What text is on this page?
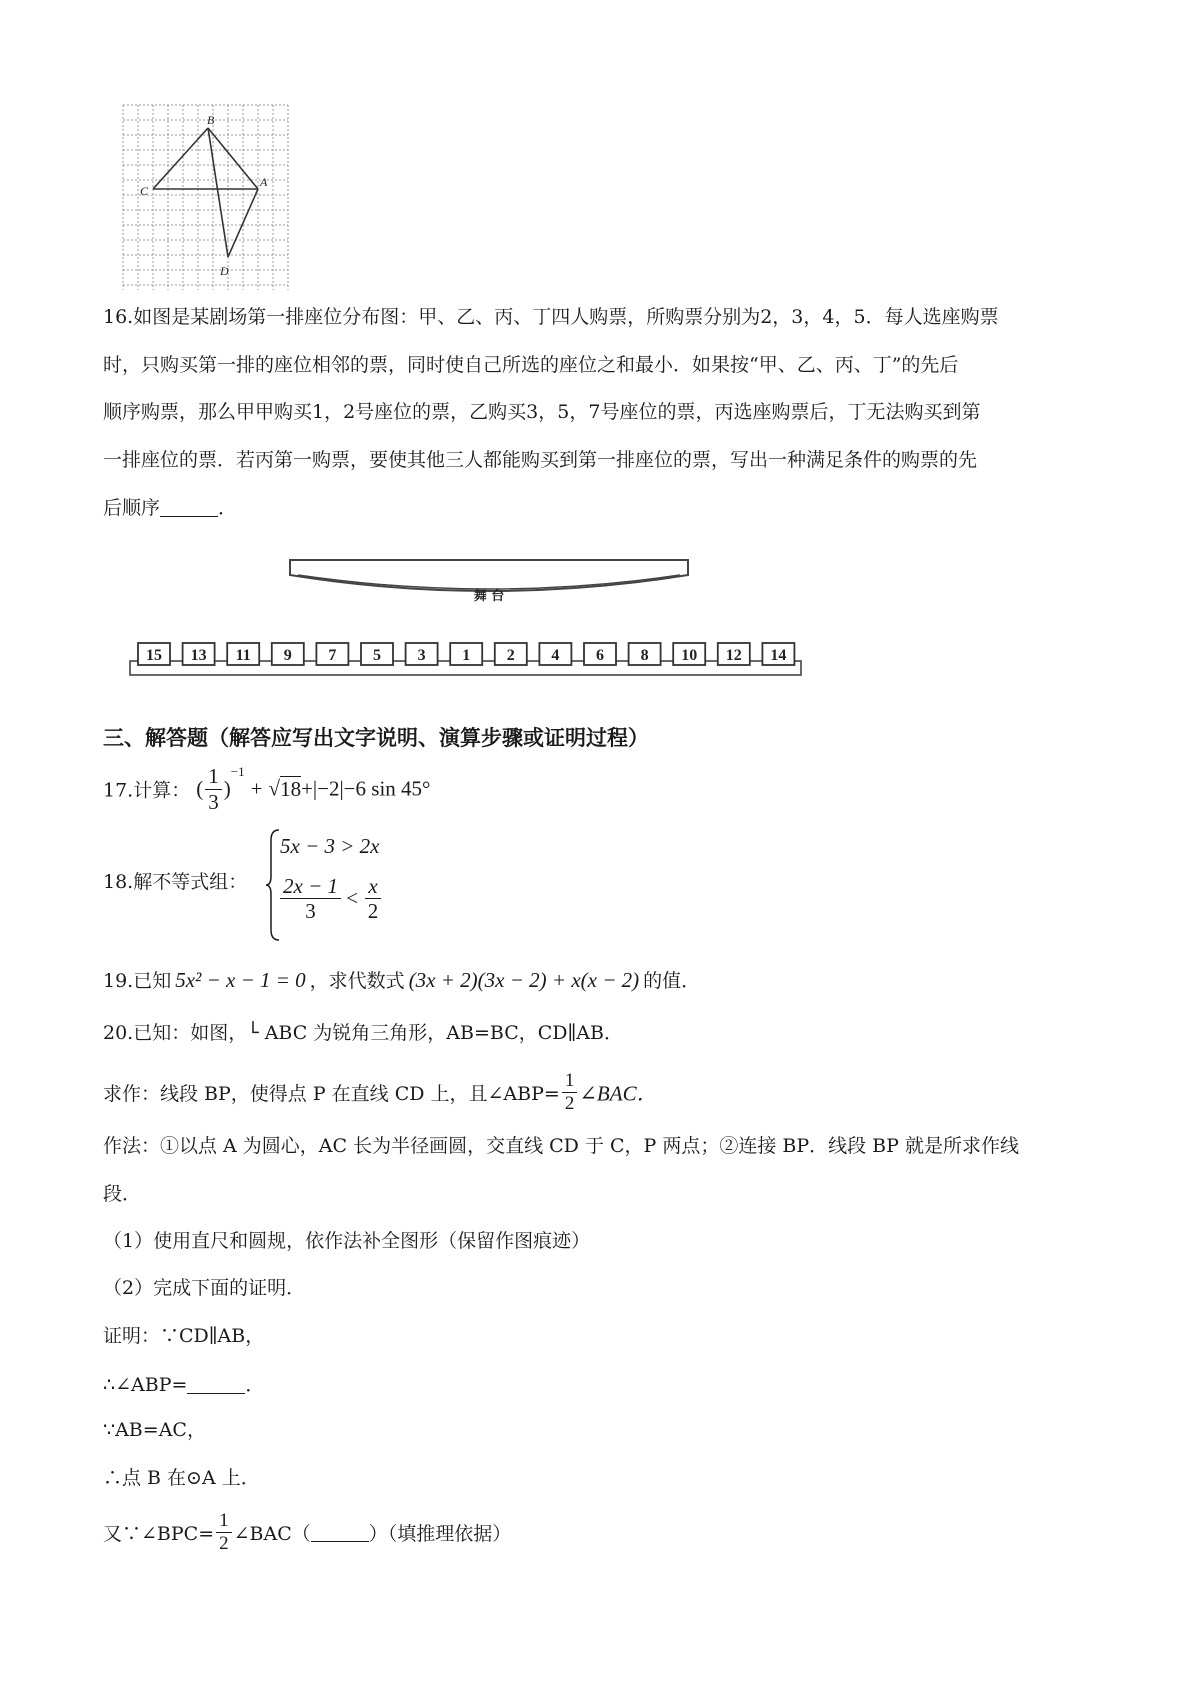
B
A
C
D
16.如图是某剧场第一排座位分布图：甲、乙、丙、丁四人购票，所购票分别为2，3，4，5．每人选座购票
时，只购买第一排的座位相邻的票，同时使自己所选的座位之和最小．如果按“甲、乙、丙、丁”的先后
顺序购票，那么甲甲购买1，2号座位的票，乙购买3，5，7号座位的票，丙选座购票后，丁无法购买到第
一排座位的票．若丙第一购票，要使其他三人都能购买到第一排座位的票，写出一种满足条件的购票的先
后顺序	．
舞 台
15 13 11 9 7 5 3 1 2 4 6 8 10 12 14
三、解答题（解答应写出文字说明、演算步骤或证明过程）
17.计算： ( $\frac{1}{3} )^{-1} + √18+|-2|-6$ sin 45°
18.解不等式组：
5x − 3 > 2x
$\frac{2x - 1}{3} < \frac{x}{2}$
19.已知 5x² − x − 1 = 0 ，求代数式 (3x + 2)(3x − 2) + x(x − 2) 的值．
20.已知：如图，└ ABC 为锐角三角形，AB=BC，CD∥AB．
求作：线段 BP，使得点 P 在直线 CD 上，且∠ABP= $\frac{1}{2}$ ∠BAC．
作法：①以点 A 为圆心，AC 长为半径画圆，交直线 CD 于 C，P 两点；②连接 BP．线段 BP 就是所求作线
段．
（1）使用直尺和圆规，依作法补全图形（保留作图痕迹）
（2）完成下面的证明．
证明：∵CD∥AB，
∴∠ABP=	．
∵AB=AC，
∴点 B 在⊙A 上．
又∵∠BPC= $\frac{1}{2}$ ∠BAC（	）（填推理依据）
